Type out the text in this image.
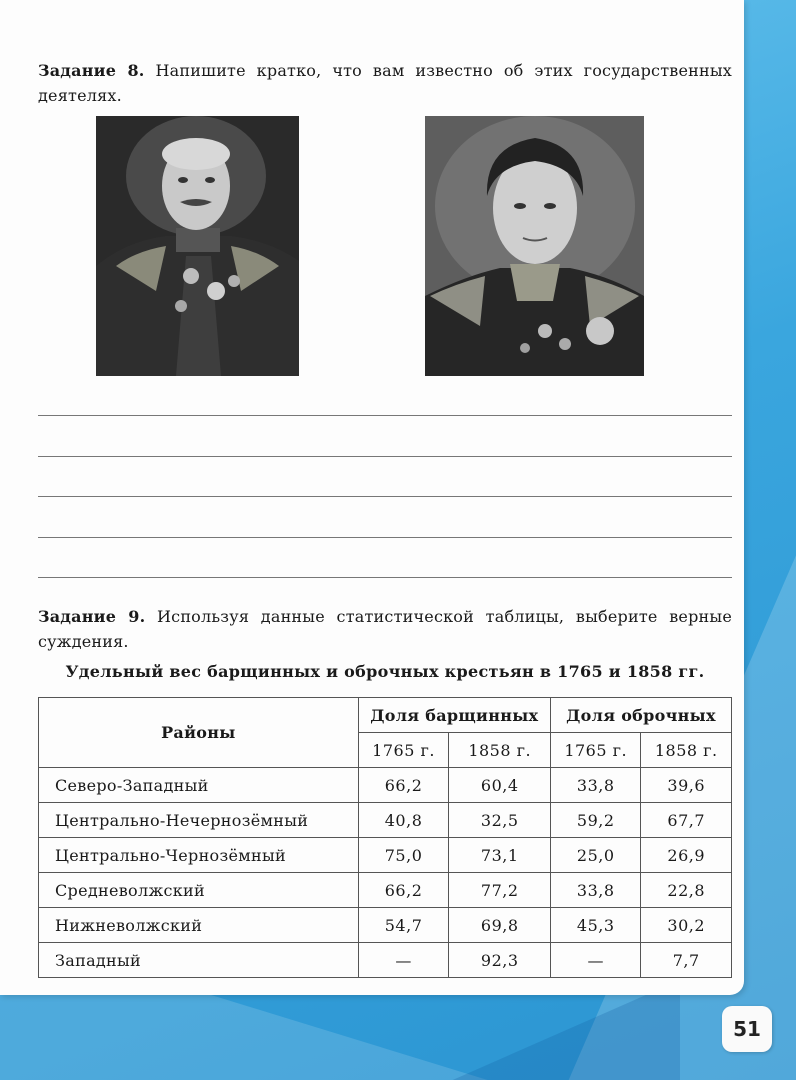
Задание 8. Напишите кратко, что вам известно об этих государственных деятелях.
Задание 9. Используя данные статистической таблицы, выберите верные суждения.
Удельный вес барщинных и оброчных крестьян в 1765 и 1858 гг.
Районы	Доля барщинных		Доля оброчных	
	1765 г.	1858 г.	1765 г.	1858 г.
Северо-Западный	66,2	60,4	33,8	39,6
Центрально-Нечернозёмный	40,8	32,5	59,2	67,7
Центрально-Чернозёмный	75,0	73,1	25,0	26,9
Средневолжский	66,2	77,2	33,8	22,8
Нижневолжский	54,7	69,8	45,3	30,2
Западный	—	92,3	—	7,7
51
